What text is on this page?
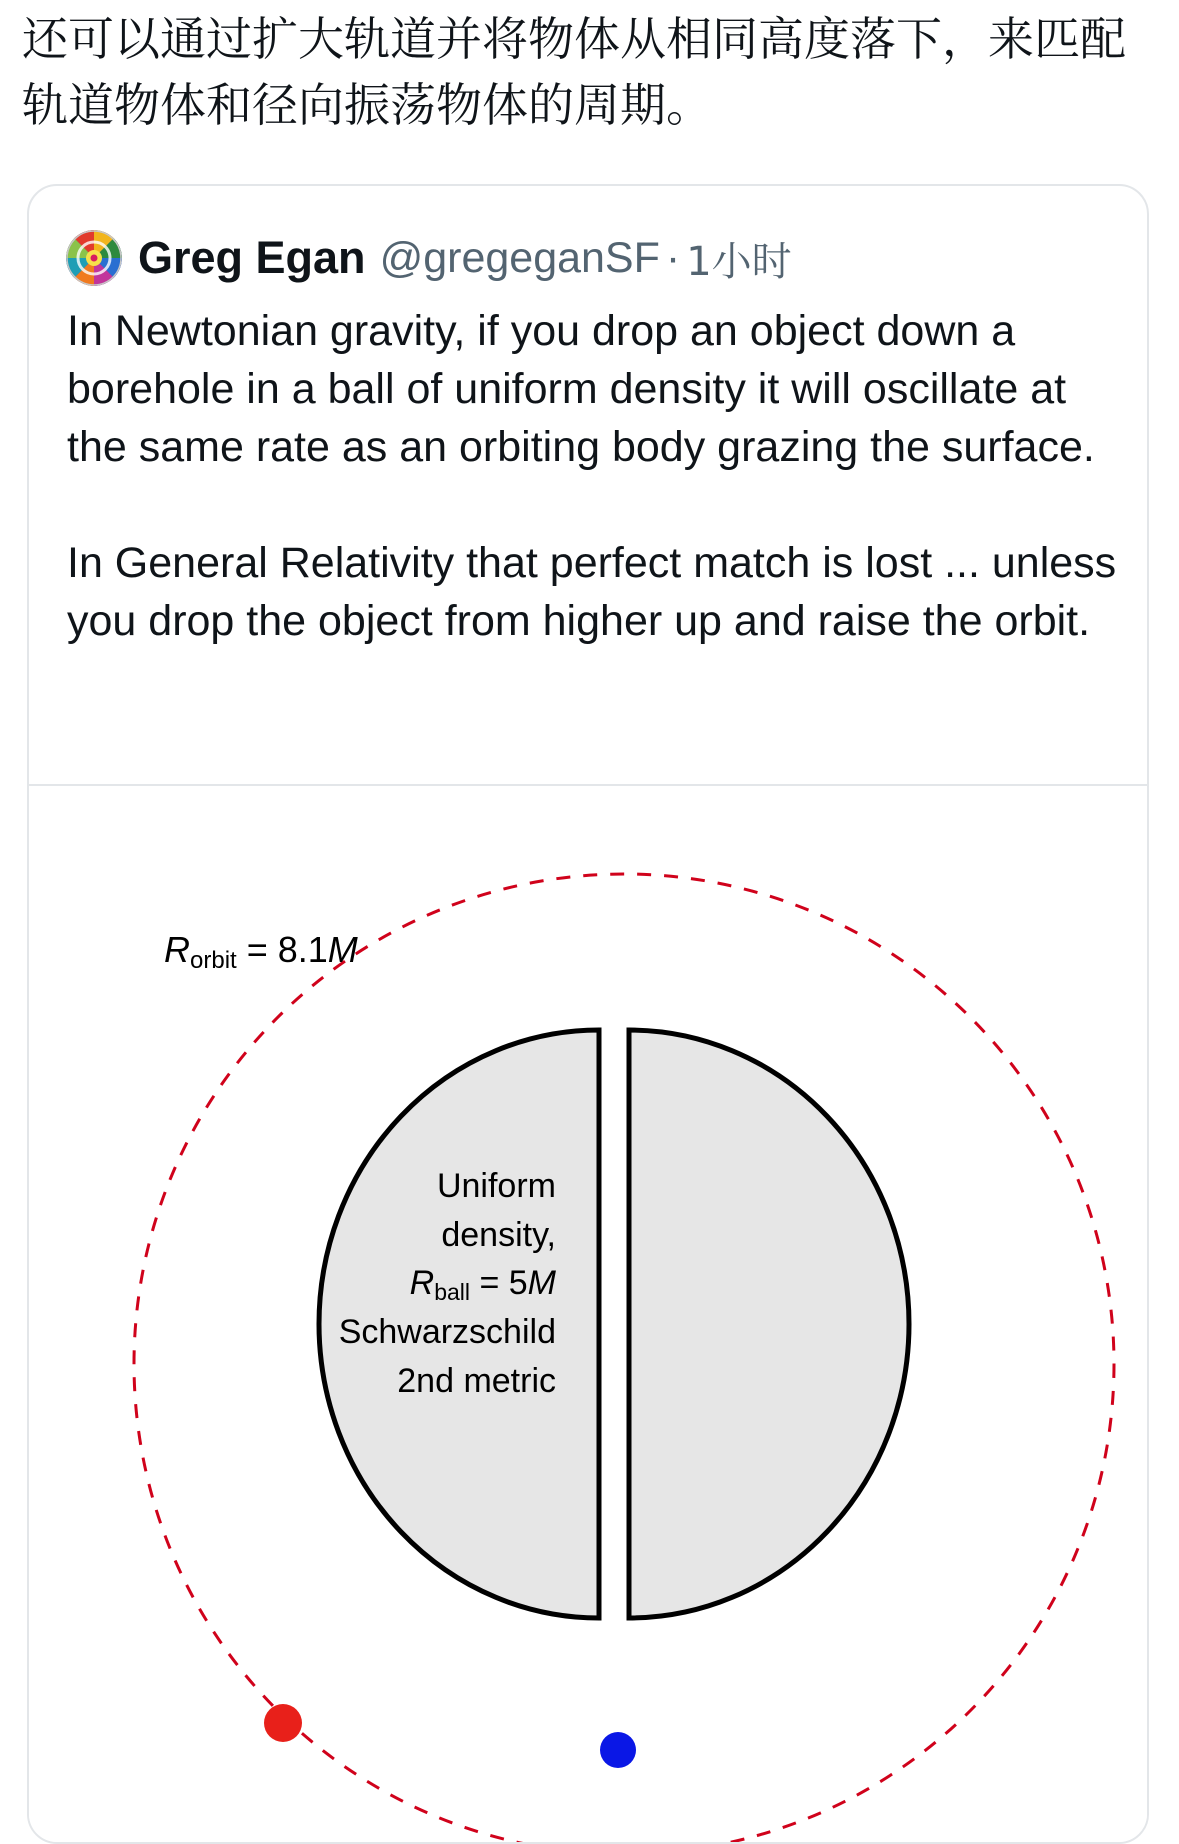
还可以通过扩大轨道并将物体从相同高度落下，来匹配
轨道物体和径向振荡物体的周期。
Greg Egan @gregeganSF · 1小时

In Newtonian gravity, if you drop an object down a borehole in a ball of uniform density it will oscillate at the same rate as an orbiting body grazing the surface.

In General Relativity that perfect match is lost ... unless you drop the object from higher up and raise the orbit.

Rorbit = 8.1M
Uniform
density,
Rball = 5M
Schwarzschild
2nd metric
